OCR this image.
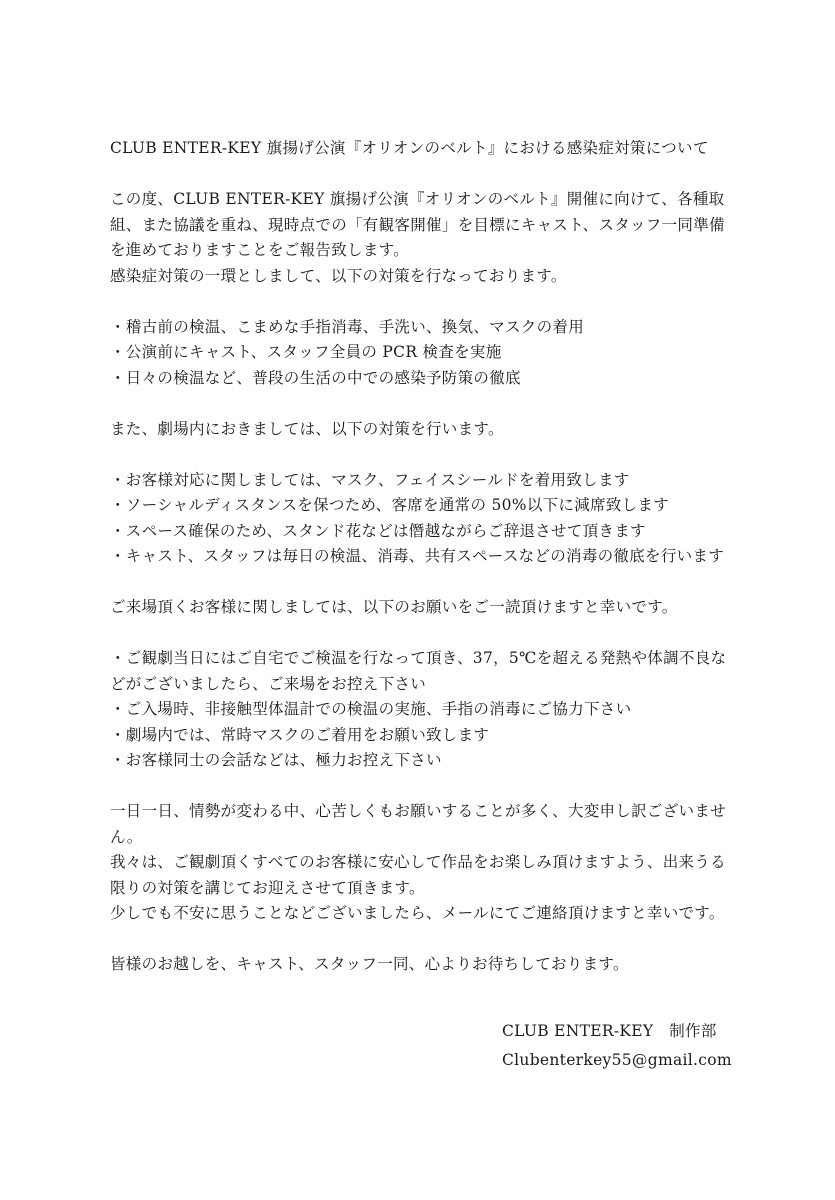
CLUB ENTER-KEY 旗揚げ公演『オリオンのベルト』における感染症対策について

この度、CLUB ENTER-KEY 旗揚げ公演『オリオンのベルト』開催に向けて、各種取

組、また協議を重ね、現時点での「有観客開催」を目標にキャスト、スタッフ一同準備

を進めておりますことをご報告致します。

感染症対策の一環としまして、以下の対策を行なっております。

・稽古前の検温、こまめな手指消毒、手洗い、換気、マスクの着用

・公演前にキャスト、スタッフ全員の PCR 検査を実施

・日々の検温など、普段の生活の中での感染予防策の徹底

また、劇場内におきましては、以下の対策を行います。

・お客様対応に関しましては、マスク、フェイスシールドを着用致します

・ソーシャルディスタンスを保つため、客席を通常の 50%以下に減席致します

・スペース確保のため、スタンド花などは僭越ながらご辞退させて頂きます

・キャスト、スタッフは毎日の検温、消毒、共有スペースなどの消毒の徹底を行います

ご来場頂くお客様に関しましては、以下のお願いをご一読頂けますと幸いです。

・ご観劇当日にはご自宅でご検温を行なって頂き、37，5℃を超える発熱や体調不良な

どがございましたら、ご来場をお控え下さい

・ご入場時、非接触型体温計での検温の実施、手指の消毒にご協力下さい

・劇場内では、常時マスクのご着用をお願い致します

・お客様同士の会話などは、極力お控え下さい

一日一日、情勢が変わる中、心苦しくもお願いすることが多く、大変申し訳ございませ

ん。

我々は、ご観劇頂くすべてのお客様に安心して作品をお楽しみ頂けますよう、出来うる

限りの対策を講じてお迎えさせて頂きます。

少しでも不安に思うことなどございましたら、メールにてご連絡頂けますと幸いです。

皆様のお越しを、キャスト、スタッフ一同、心よりお待ちしております。

CLUB ENTER-KEY　制作部

Clubenterkey55@gmail.com
